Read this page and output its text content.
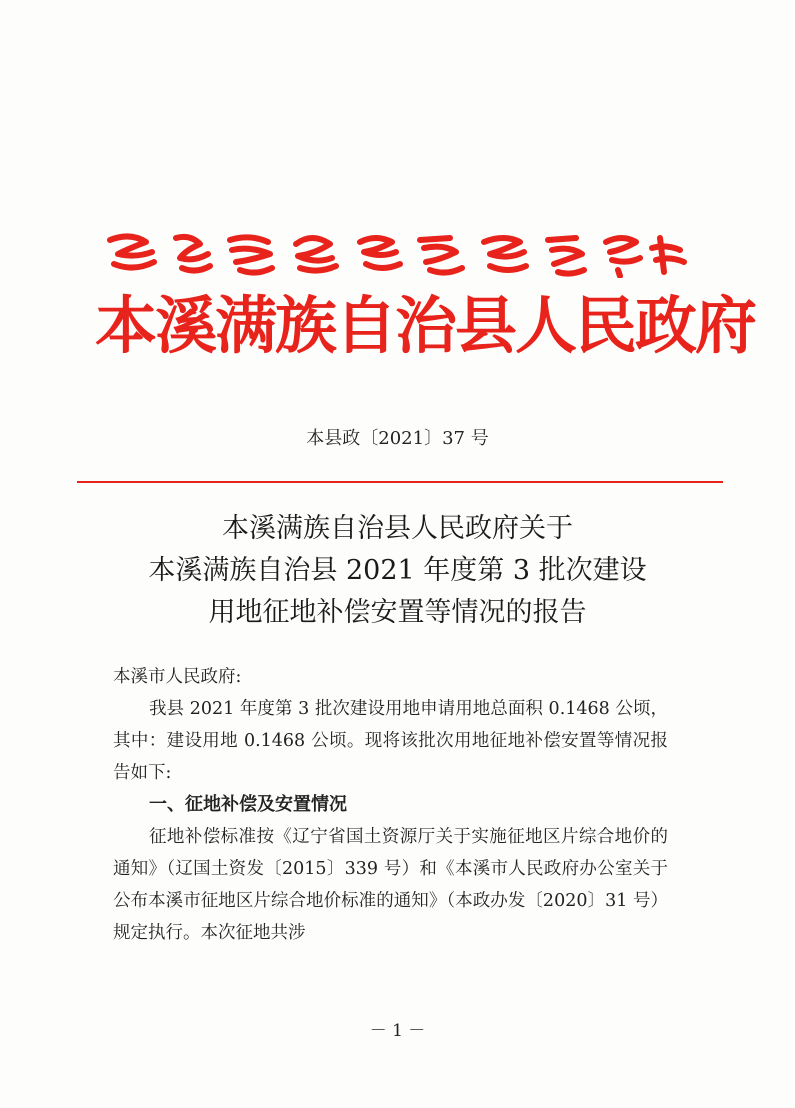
本溪满族自治县人民政府
本县政〔2021〕37 号
本溪满族自治县人民政府关于
本溪满族自治县 2021 年度第 3 批次建设
用地征地补偿安置等情况的报告

本溪市人民政府:

我县 2021 年度第 3 批次建设用地申请用地总面积 0.1468 公顷，其中：建设用地 0.1468 公顷。现将该批次用地征地补偿安置等情况报告如下:

一、征地补偿及安置情况

征地补偿标准按《辽宁省国土资源厅关于实施征地区片综合地价的通知》（辽国土资发〔2015〕339 号）和《本溪市人民政府办公室关于公布本溪市征地区片综合地价标准的通知》（本政办发〔2020〕31 号）规定执行。本次征地共涉

－ 1 －
